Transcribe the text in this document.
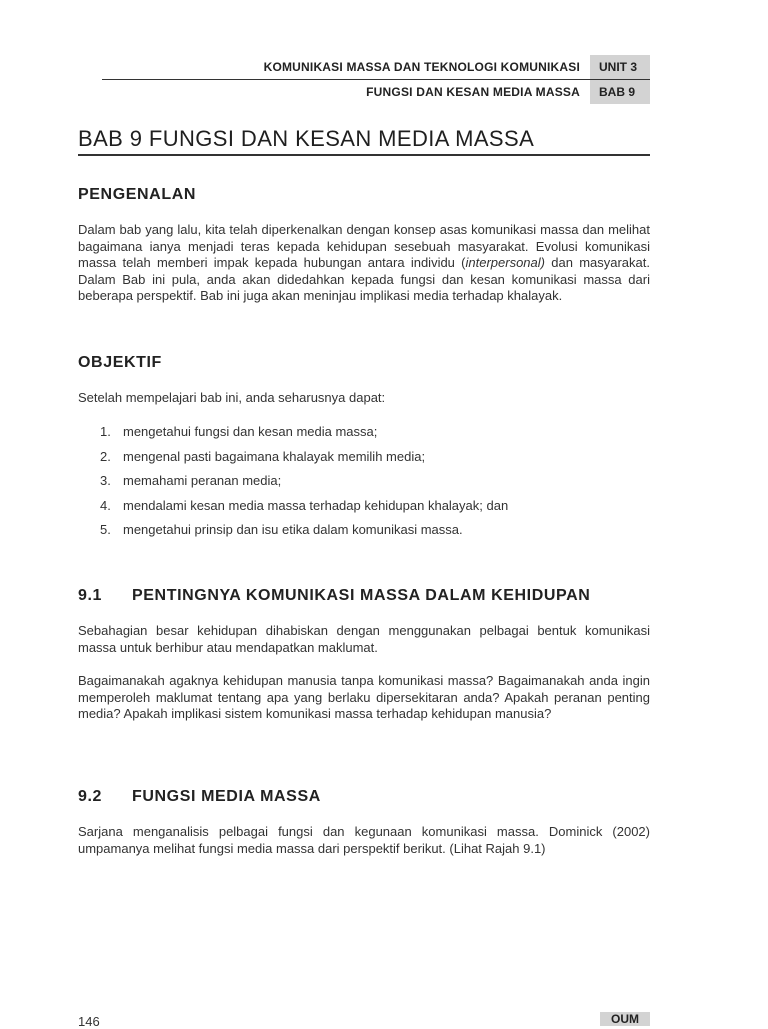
KOMUNIKASI MASSA DAN TEKNOLOGI KOMUNIKASI	UNIT 3
FUNGSI DAN KESAN MEDIA MASSA	BAB 9
BAB 9 FUNGSI DAN KESAN MEDIA MASSA
PENGENALAN

Dalam bab yang lalu, kita telah diperkenalkan dengan konsep asas komunikasi massa dan melihat bagaimana ianya menjadi teras kepada kehidupan sesebuah masyarakat. Evolusi komunikasi massa telah memberi impak kepada hubungan antara individu (interpersonal) dan masyarakat. Dalam Bab ini pula, anda akan didedahkan kepada fungsi dan kesan komunikasi massa dari beberapa perspektif. Bab ini juga akan meninjau implikasi media terhadap khalayak.

OBJEKTIF

Setelah mempelajari bab ini, anda seharusnya dapat:

1. mengetahui fungsi dan kesan media massa;
2. mengenal pasti bagaimana khalayak memilih media;
3. memahami peranan media;
4. mendalami kesan media massa terhadap kehidupan khalayak; dan
5. mengetahui prinsip dan isu etika dalam komunikasi massa.
9.1	PENTINGNYA KOMUNIKASI MASSA DALAM KEHIDUPAN

Sebahagian besar kehidupan dihabiskan dengan menggunakan pelbagai bentuk komunikasi massa untuk berhibur atau mendapatkan maklumat.

Bagaimanakah agaknya kehidupan manusia tanpa komunikasi massa? Bagaimanakah anda ingin memperoleh maklumat tentang apa yang berlaku dipersekitaran anda? Apakah peranan penting media? Apakah implikasi sistem komunikasi massa terhadap kehidupan manusia?

9.2	FUNGSI MEDIA MASSA

Sarjana menganalisis pelbagai fungsi dan kegunaan komunikasi massa. Dominick (2002) umpamanya melihat fungsi media massa dari perspektif berikut. (Lihat Rajah 9.1)

146	OUM
